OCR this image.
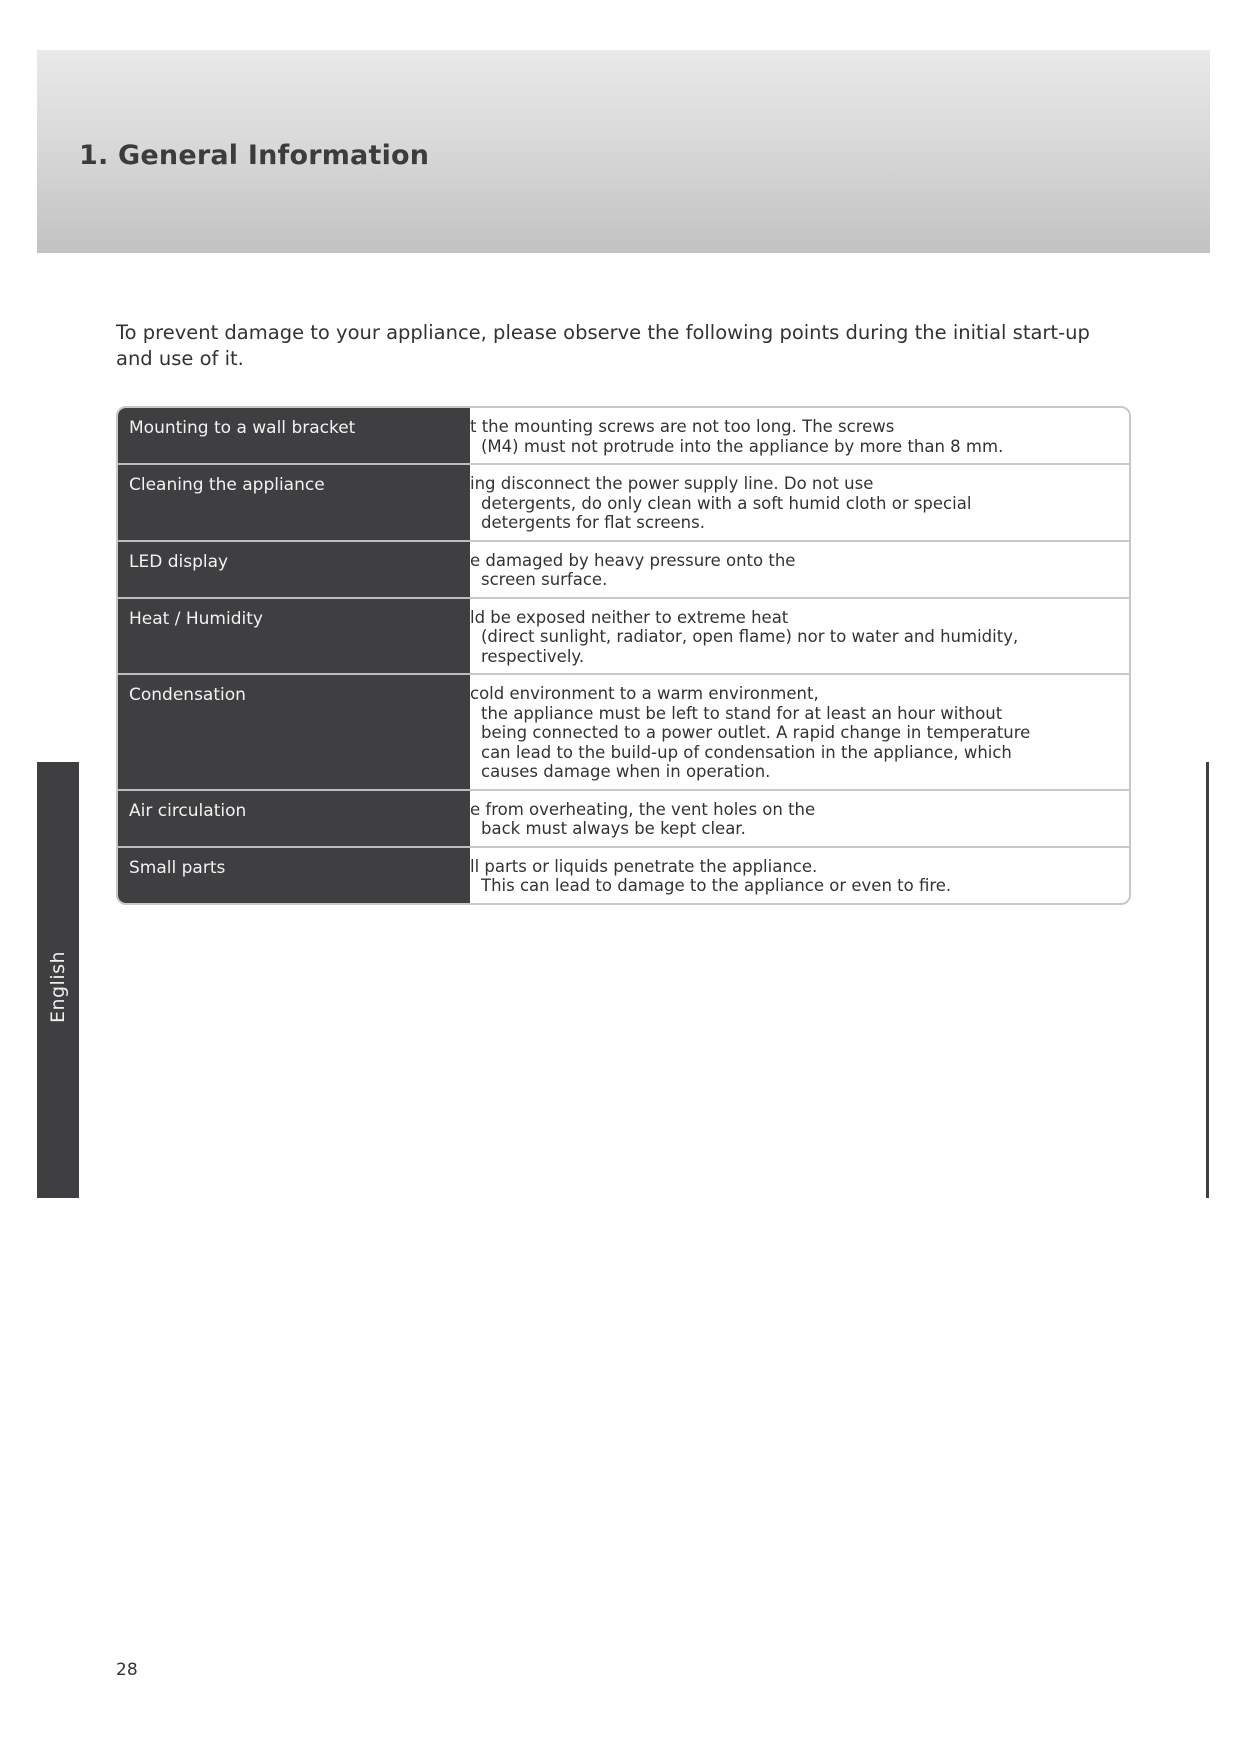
1. General Information

To prevent damage to your appliance, please observe the following points during the initial start-up and use of it.

Mounting to a wall bracket	t the mounting screws are not too long. The screws
(M4) must not protrude into the appliance by more than 8 mm.
Cleaning the appliance	ing disconnect the power supply line. Do not use
detergents, do only clean with a soft humid cloth or special
detergents for flat screens.
LED display	e damaged by heavy pressure onto the
screen surface.
Heat / Humidity	ld be exposed neither to extreme heat
(direct sunlight, radiator, open flame) nor to water and humidity,
respectively.
Condensation	cold environment to a warm environment,
the appliance must be left to stand for at least an hour without
being connected to a power outlet. A rapid change in temperature
can lead to the build-up of condensation in the appliance, which
causes damage when in operation.
Air circulation	e from overheating, the vent holes on the
back must always be kept clear.
Small parts	ll parts or liquids penetrate the appliance.
This can lead to damage to the appliance or even to fire.
English
28
